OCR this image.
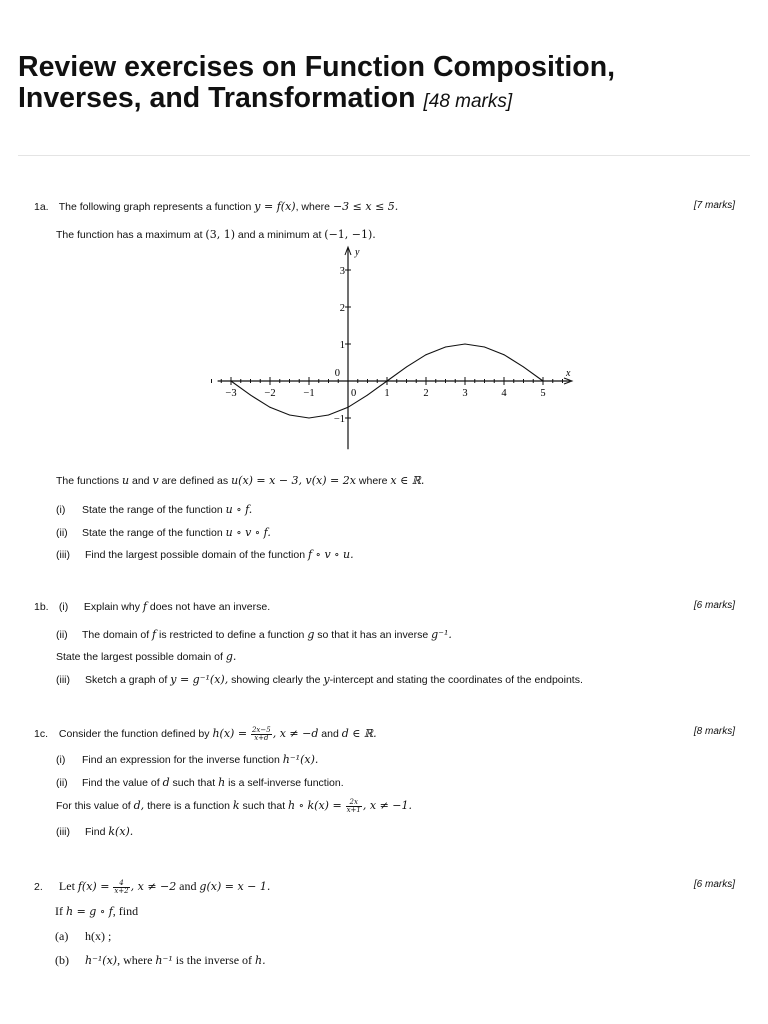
Review exercises on Function Composition, Inverses, and Transformation [48 marks]
1a. The following graph represents a function y = f(x), where −3 ≤ x ≤ 5.	[7 marks]
The function has a maximum at (3, 1) and a minimum at (−1, −1).
x
y
−3	−2	−1	0	1	2	3	4	5
3
2
1
0
−1
The functions u and v are defined as u(x) = x − 3, v(x) = 2x where x ∈ ℝ.
(i) State the range of the function u ∘ f.
(ii) State the range of the function u ∘ v ∘ f.
(iii) Find the largest possible domain of the function f ∘ v ∘ u.
1b. (i) Explain why f does not have an inverse.	[6 marks]
(ii) The domain of f is restricted to define a function g so that it has an inverse g⁻¹.
State the largest possible domain of g.
(iii) Sketch a graph of y = g⁻¹(x), showing clearly the y-intercept and stating the coordinates of the endpoints.
1c. Consider the function defined by $h(x) = \frac{2x-5}{x+d}$ , x ≠ −d and d ∈ ℝ.	[8 marks]
(i) Find an expression for the inverse function h⁻¹(x).
(ii) Find the value of d such that h is a self-inverse function.
For this value of d, there is a function k such that h ∘ $k(x) = \frac{2x}{x+1}$ , x ≠ −1.
(iii) Find k(x).
2. Let $f(x) = \frac{4}{x+2}$ , x ≠ −2 and g(x) = x − 1.	[6 marks]
If h = g ∘ f, find
(a) h(x) ;
(b) h⁻¹(x), where h⁻¹ is the inverse of h.
